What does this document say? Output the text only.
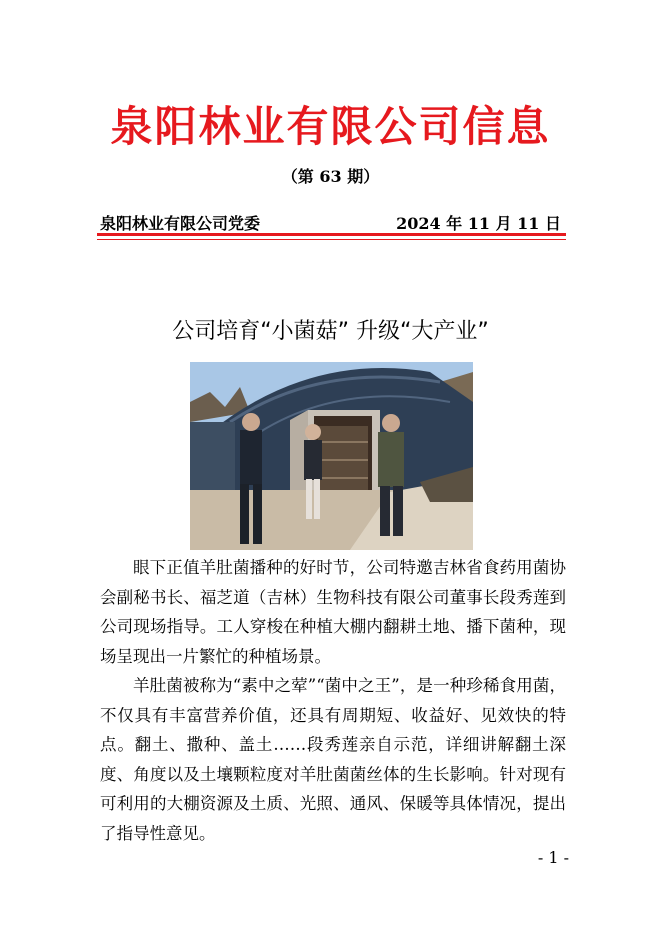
泉阳林业有限公司信息
（第 63 期）
泉阳林业有限公司党委	2024 年 11 月 11 日
公司培育“小菌菇” 升级“大产业”

眼下正值羊肚菌播种的好时节，公司特邀吉林省食药用菌协会副秘书长、福芝道（吉林）生物科技有限公司董事长段秀莲到公司现场指导。工人穿梭在种植大棚内翻耕土地、播下菌种，现场呈现出一片繁忙的种植场景。

羊肚菌被称为“素中之荤”“菌中之王”，是一种珍稀食用菌，不仅具有丰富营养价值，还具有周期短、收益好、见效快的特点。翻土、撒种、盖土……段秀莲亲自示范，详细讲解翻土深度、角度以及土壤颗粒度对羊肚菌菌丝体的生长影响。针对现有可利用的大棚资源及土质、光照、通风、保暖等具体情况，提出了指导性意见。

- 1 -
